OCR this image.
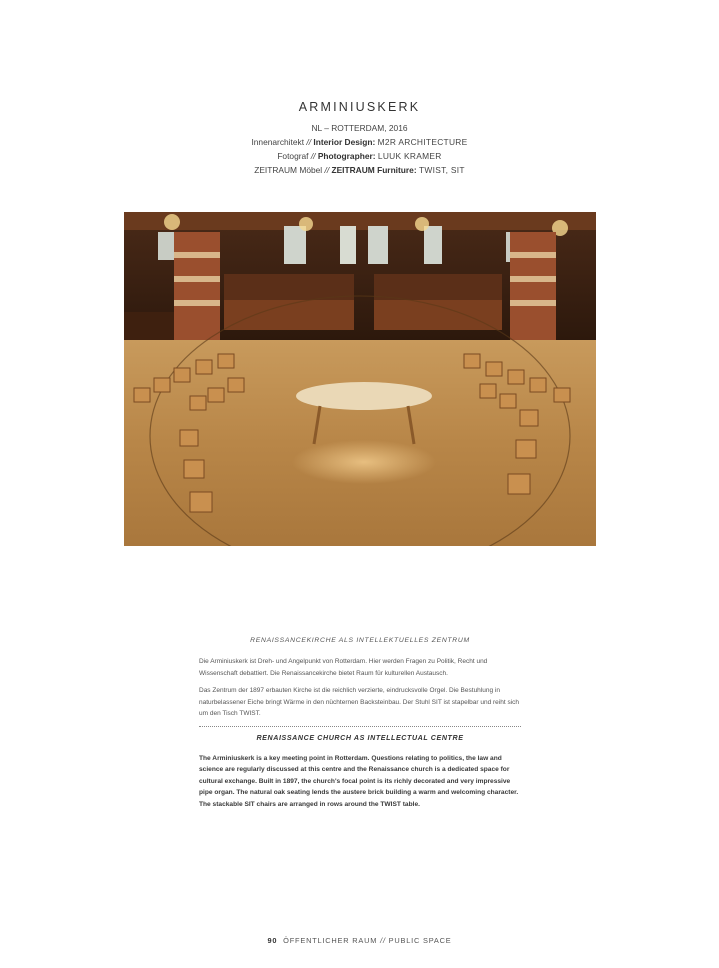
ARMINIUSKERK
NL – ROTTERDAM, 2016
Innenarchitekt // Interior Design: M2R ARCHITECTURE
Fotograf // Photographer: LUUK KRAMER
ZEITRAUM Möbel // ZEITRAUM Furniture: TWIST, SIT
RENAISSANCEKIRCHE ALS INTELLEKTUELLES ZENTRUM

Die Arminiuskerk ist Dreh- und Angelpunkt von Rotterdam. Hier werden Fragen zu Politik, Recht und Wissenschaft debattiert. Die Renaissancekirche bietet Raum für kulturellen Austausch.

Das Zentrum der 1897 erbauten Kirche ist die reichlich verzierte, eindrucksvolle Orgel. Die Bestuhlung in naturbelassener Eiche bringt Wärme in den nüchternen Backsteinbau. Der Stuhl SIT ist stapelbar und reiht sich um den Tisch TWIST.

RENAISSANCE CHURCH AS INTELLECTUAL CENTRE

The Arminiuskerk is a key meeting point in Rotterdam. Questions relating to politics, the law and science are regularly discussed at this centre and the Renaissance church is a dedicated space for cultural exchange. Built in 1897, the church's focal point is its richly decorated and very impressive pipe organ. The natural oak seating lends the austere brick building a warm and welcoming character. The stackable SIT chairs are arranged in rows around the TWIST table.

90 ÖFFENTLICHER RAUM // PUBLIC SPACE
